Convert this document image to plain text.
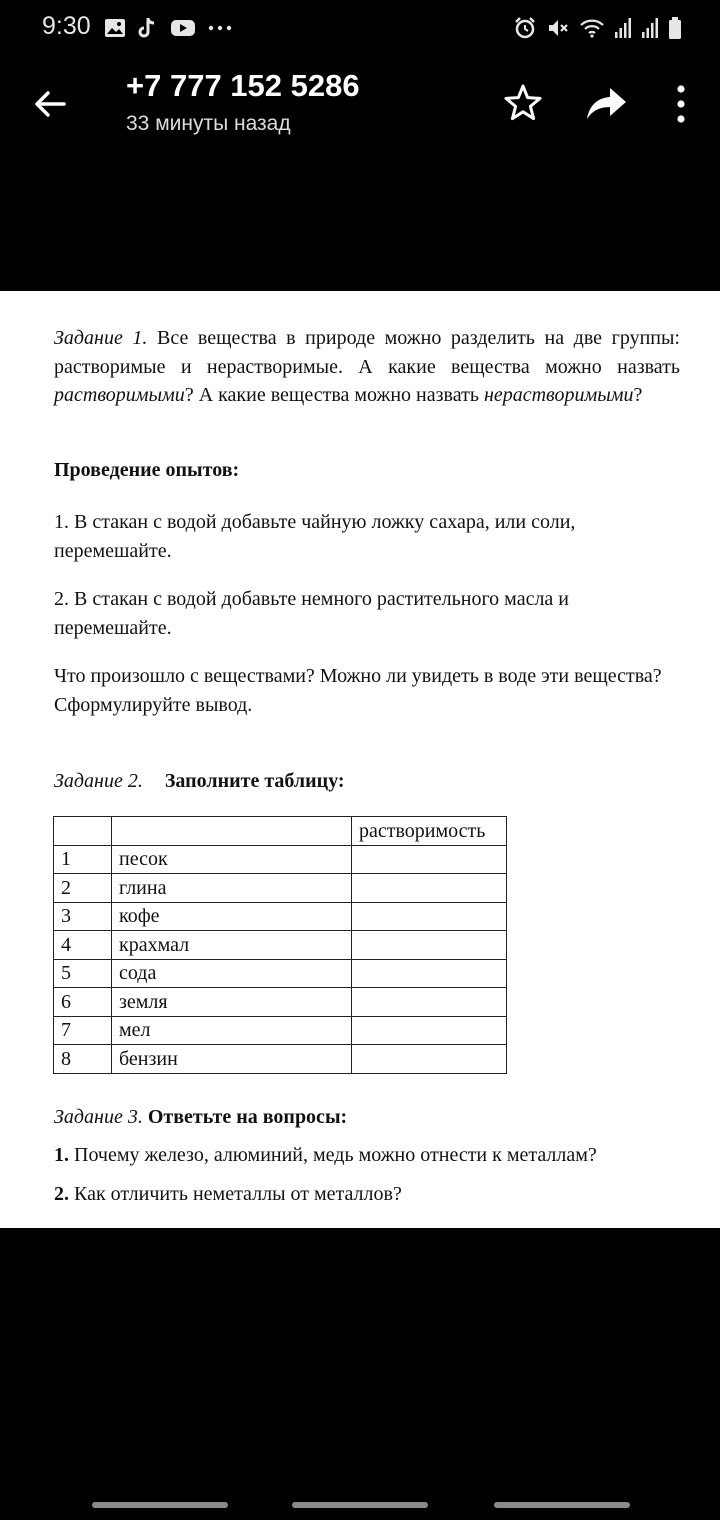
9:30
+7 777 152 5286
33 минуты назад

Задание 1. Все вещества в природе можно разделить на две группы: растворимые и нерастворимые. А какие вещества можно назвать растворимыми? А какие вещества можно назвать нерастворимыми?

Проведение опытов:

1. В стакан с водой добавьте чайную ложку сахара, или соли, перемешайте.

2. В стакан с водой добавьте немного растительного масла и перемешайте.

Что произошло с веществами? Можно ли увидеть в воде эти вещества? Сформулируйте вывод.

Задание 2. Заполните таблицу:

		растворимость
1	песок	
2	глина	
3	кофе	
4	крахмал	
5	сода	
6	земля	
7	мел	
8	бензин	

Задание 3. Ответьте на вопросы:

1. Почему железо, алюминий, медь можно отнести к металлам?

2. Как отличить неметаллы от металлов?
